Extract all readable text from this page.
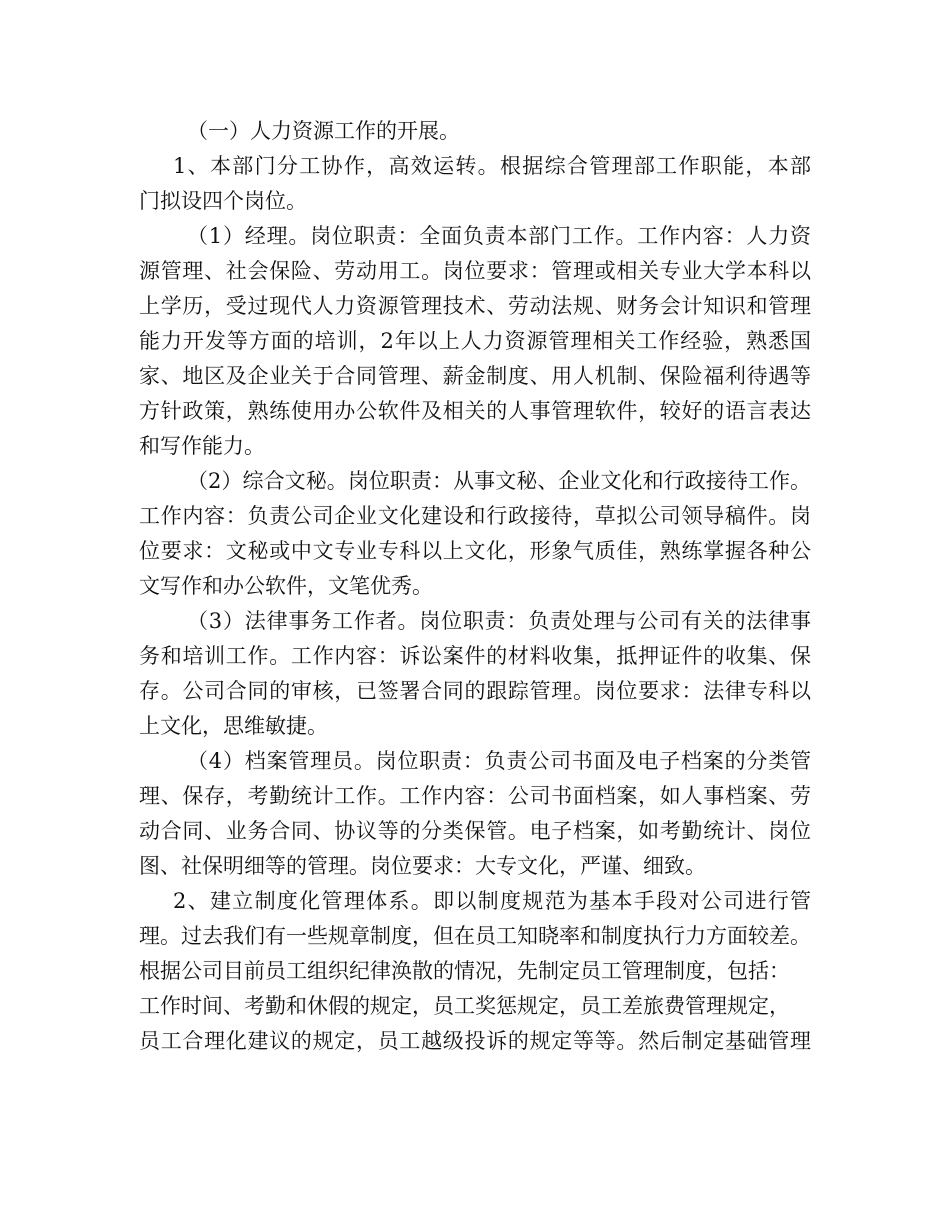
（一）人力资源工作的开展。
1、本部门分工协作，高效运转。根据综合管理部工作职能，本部
门拟设四个岗位。
（1）经理。岗位职责：全面负责本部门工作。工作内容：人力资
源管理、社会保险、劳动用工。岗位要求：管理或相关专业大学本科以
上学历，受过现代人力资源管理技术、劳动法规、财务会计知识和管理
能力开发等方面的培训，2年以上人力资源管理相关工作经验，熟悉国
家、地区及企业关于合同管理、薪金制度、用人机制、保险福利待遇等
方针政策，熟练使用办公软件及相关的人事管理软件，较好的语言表达
和写作能力。
（2）综合文秘。岗位职责：从事文秘、企业文化和行政接待工作。
工作内容：负责公司企业文化建设和行政接待，草拟公司领导稿件。岗
位要求：文秘或中文专业专科以上文化，形象气质佳，熟练掌握各种公
文写作和办公软件，文笔优秀。
（3）法律事务工作者。岗位职责：负责处理与公司有关的法律事
务和培训工作。工作内容：诉讼案件的材料收集，抵押证件的收集、保
存。公司合同的审核，已签署合同的跟踪管理。岗位要求：法律专科以
上文化，思维敏捷。
（4）档案管理员。岗位职责：负责公司书面及电子档案的分类管
理、保存，考勤统计工作。工作内容：公司书面档案，如人事档案、劳
动合同、业务合同、协议等的分类保管。电子档案，如考勤统计、岗位
图、社保明细等的管理。岗位要求：大专文化，严谨、细致。
2、建立制度化管理体系。即以制度规范为基本手段对公司进行管
理。过去我们有一些规章制度，但在员工知晓率和制度执行力方面较差。
根据公司目前员工组织纪律涣散的情况，先制定员工管理制度，包括：
工作时间、考勤和休假的规定，员工奖惩规定，员工差旅费管理规定，
员工合理化建议的规定，员工越级投诉的规定等等。然后制定基础管理
